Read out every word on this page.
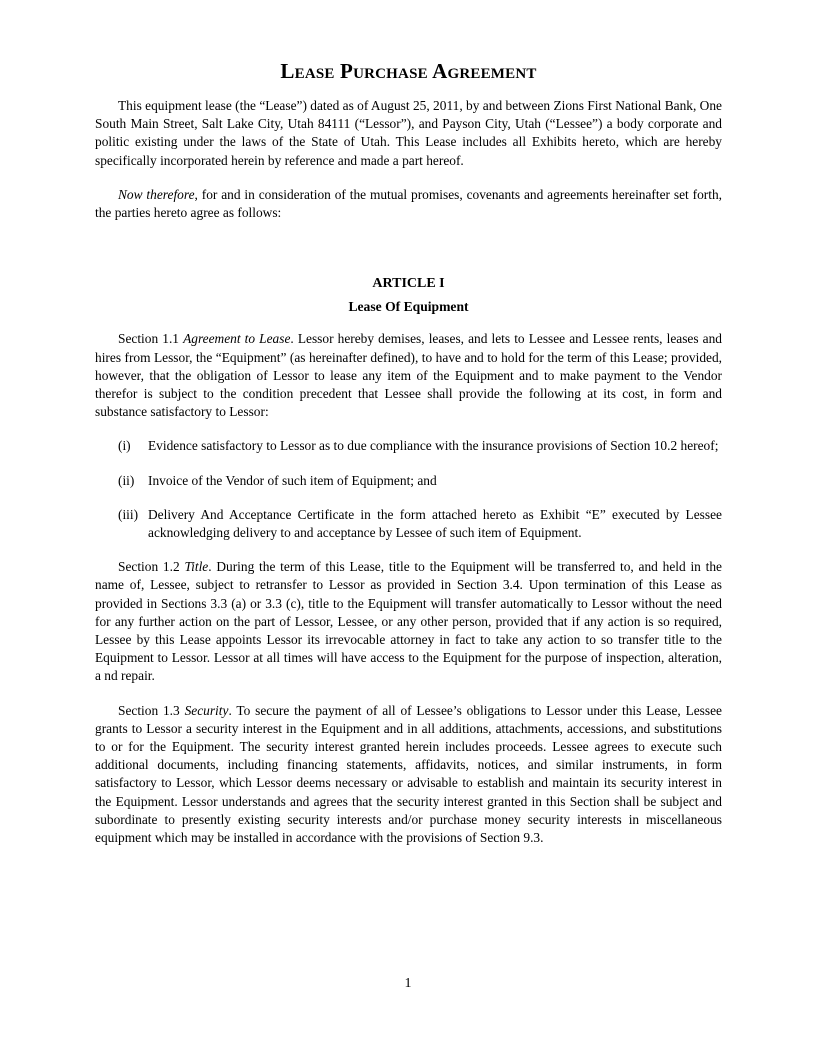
Lease Purchase Agreement

This equipment lease (the “Lease”) dated as of August 25, 2011, by and between Zions First National Bank, One South Main Street, Salt Lake City, Utah 84111 (“Lessor”), and Payson City, Utah (“Lessee”) a body corporate and politic existing under the laws of the State of Utah. This Lease includes all Exhibits hereto, which are hereby specifically incorporated herein by reference and made a part hereof.

Now therefore, for and in consideration of the mutual promises, covenants and agreements hereinafter set forth, the parties hereto agree as follows:

ARTICLE I
Lease Of Equipment

Section 1.1 Agreement to Lease. Lessor hereby demises, leases, and lets to Lessee and Lessee rents, leases and hires from Lessor, the “Equipment” (as hereinafter defined), to have and to hold for the term of this Lease; provided, however, that the obligation of Lessor to lease any item of the Equipment and to make payment to the Vendor therefor is subject to the condition precedent that Lessee shall provide the following at its cost, in form and substance satisfactory to Lessor:

(i) Evidence satisfactory to Lessor as to due compliance with the insurance provisions of Section 10.2 hereof;
(ii) Invoice of the Vendor of such item of Equipment; and
(iii) Delivery And Acceptance Certificate in the form attached hereto as Exhibit “E” executed by Lessee acknowledging delivery to and acceptance by Lessee of such item of Equipment.

Section 1.2 Title. During the term of this Lease, title to the Equipment will be transferred to, and held in the name of, Lessee, subject to retransfer to Lessor as provided in Section 3.4. Upon termination of this Lease as provided in Sections 3.3 (a) or 3.3 (c), title to the Equipment will transfer automatically to Lessor without the need for any further action on the part of Lessor, Lessee, or any other person, provided that if any action is so required, Lessee by this Lease appoints Lessor its irrevocable attorney in fact to take any action to so transfer title to the Equipment to Lessor. Lessor at all times will have access to the Equipment for the purpose of inspection, alteration, a nd repair.

Section 1.3 Security. To secure the payment of all of Lessee’s obligations to Lessor under this Lease, Lessee grants to Lessor a security interest in the Equipment and in all additions, attachments, accessions, and substitutions to or for the Equipment. The security interest granted herein includes proceeds. Lessee agrees to execute such additional documents, including financing statements, affidavits, notices, and similar instruments, in form satisfactory to Lessor, which Lessor deems necessary or advisable to establish and maintain its security interest in the Equipment. Lessor understands and agrees that the security interest granted in this Section shall be subject and subordinate to presently existing security interests and/or purchase money security interests in miscellaneous equipment which may be installed in accordance with the provisions of Section 9.3.

1
